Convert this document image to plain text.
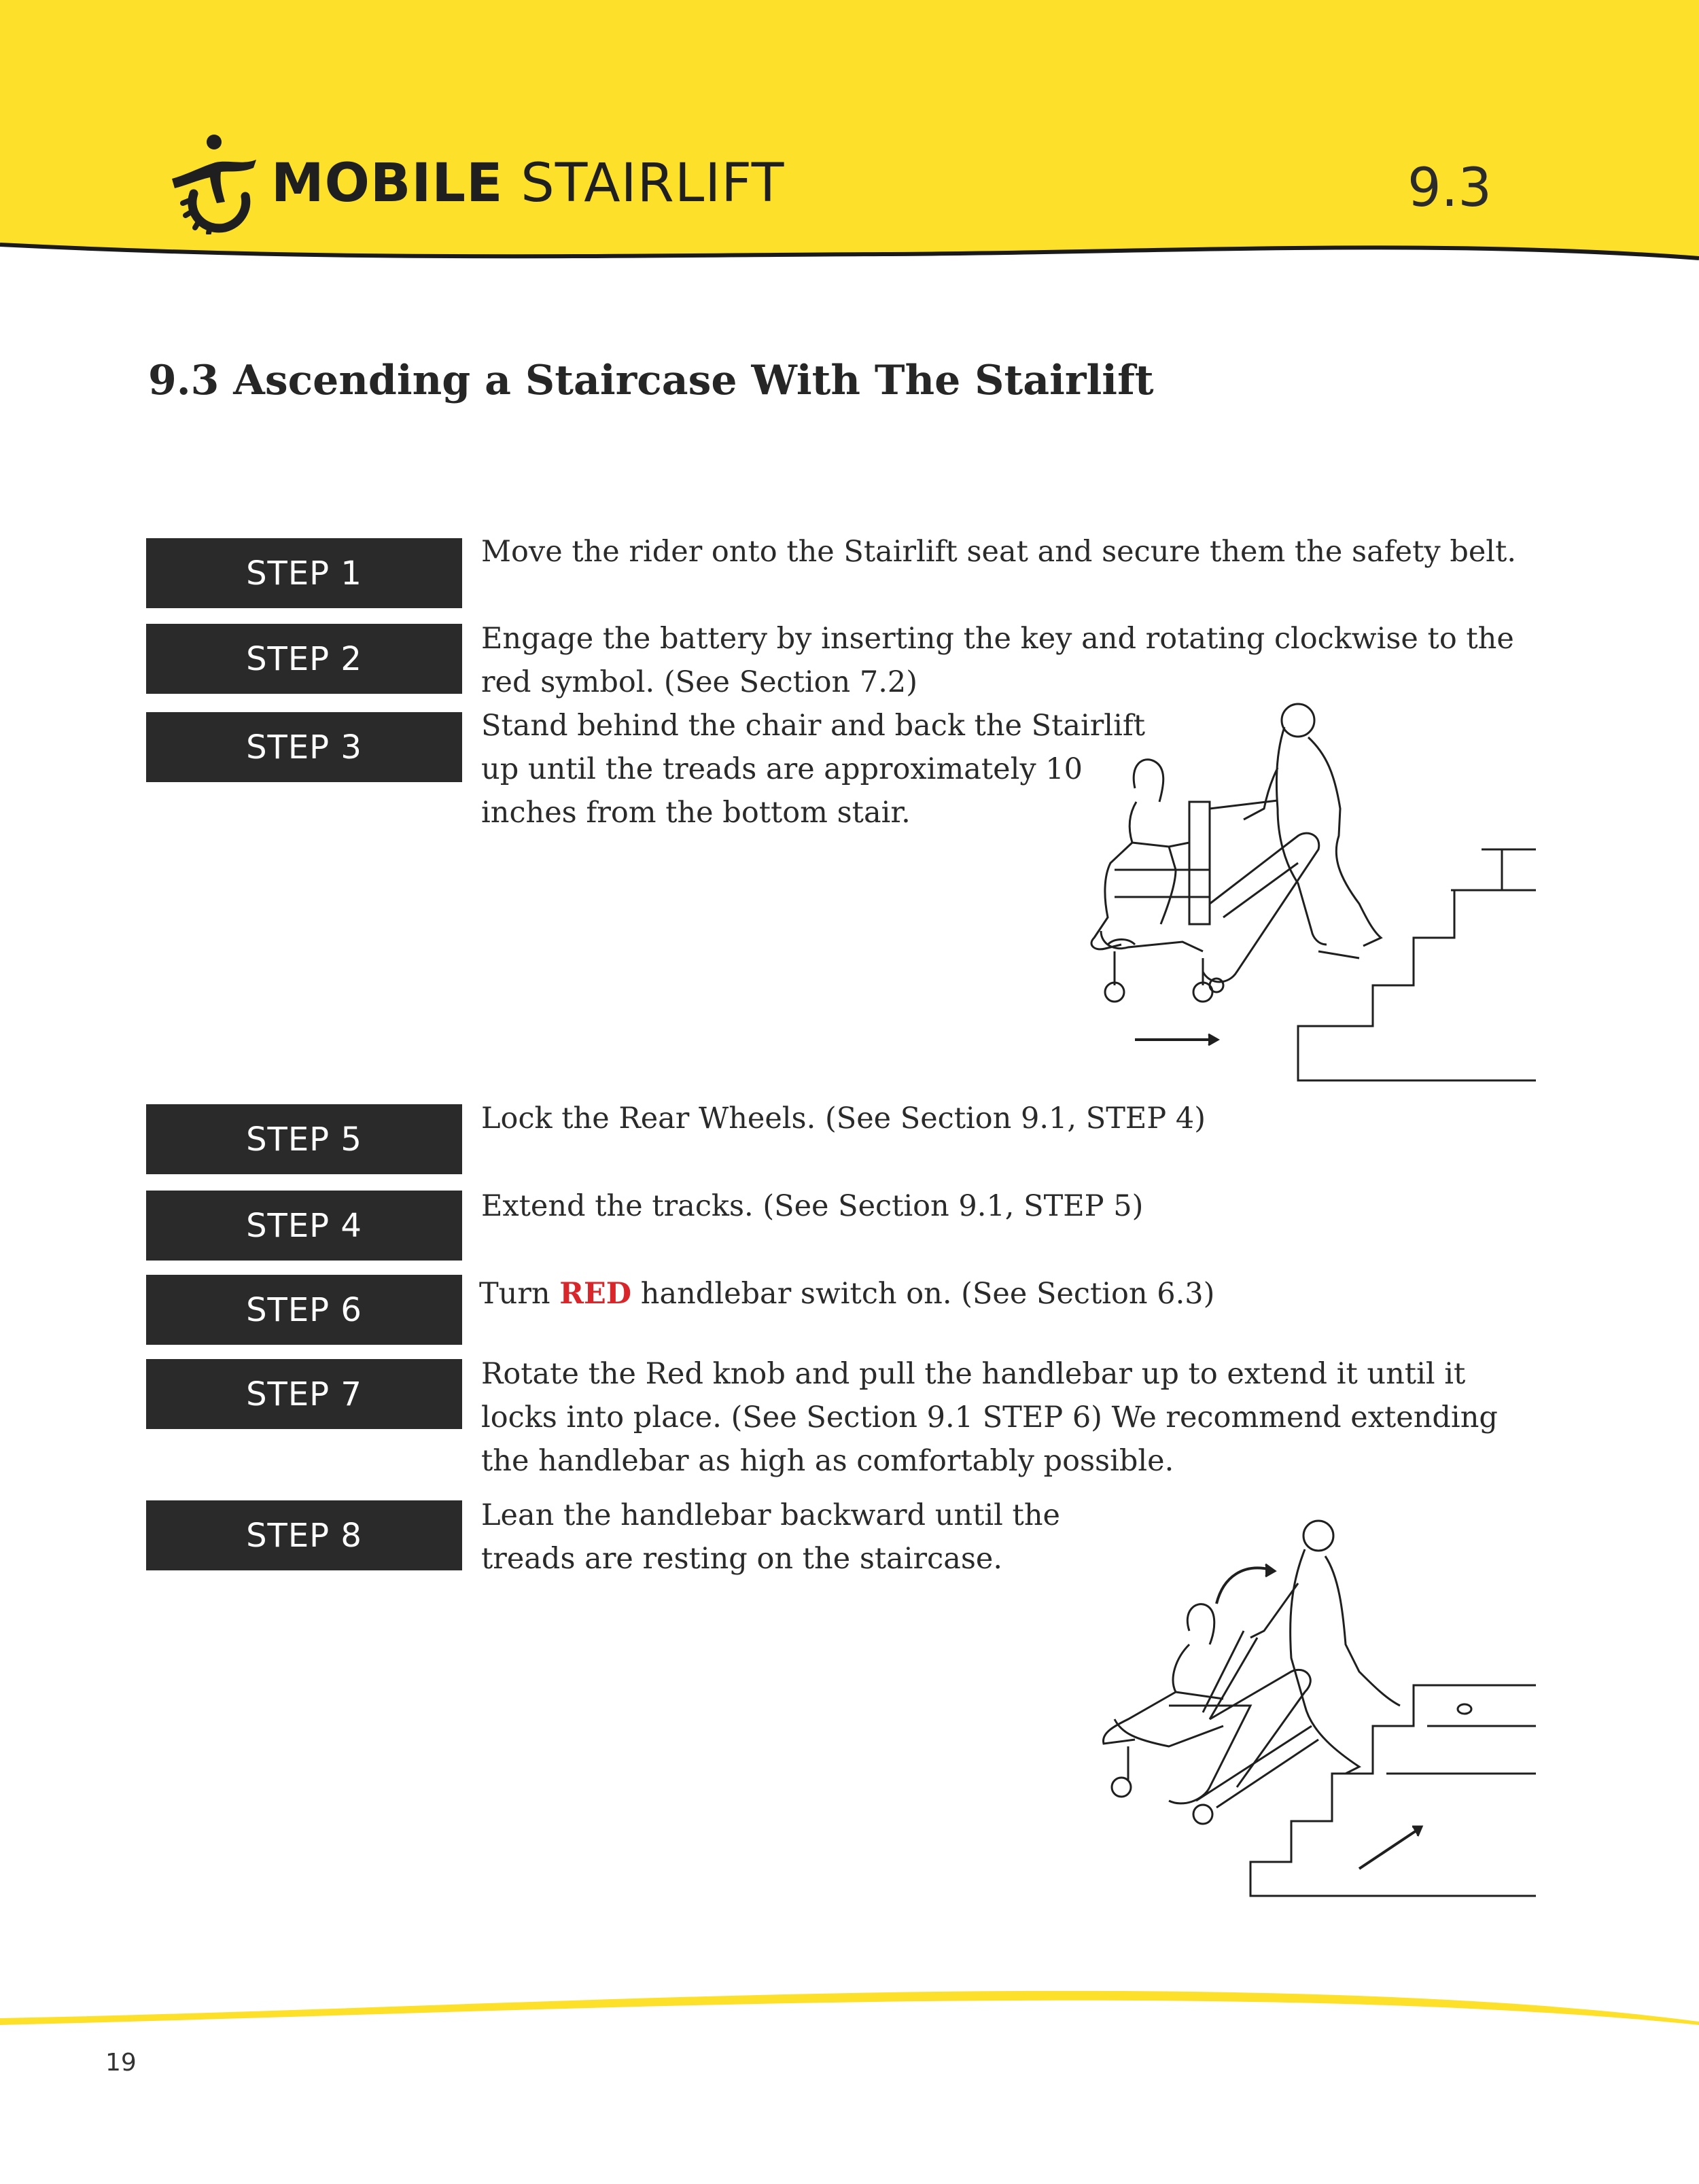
MOBILE STAIRLIFT	9.3
9.3 Ascending a Staircase With The Stairlift
STEP 1

Move the rider onto the Stairlift seat and secure them the safety belt.

STEP 2

Engage the battery by inserting the key and rotating clockwise to the red symbol. (See Section 7.2)

STEP 3

Stand behind the chair and back the Stairlift up until the treads are approximately 10 inches from the bottom stair.

STEP 5

Lock the Rear Wheels. (See Section 9.1, STEP 4)

STEP 4

Extend the tracks. (See Section 9.1, STEP 5)

STEP 6	Turn RED handlebar switch on. (See Section 6.3)

STEP 7

Rotate the Red knob and pull the handlebar up to extend it until it locks into place. (See Section 9.1 STEP 6) We recommend extending the handlebar as high as comfortably possible.

STEP 8

Lean the handlebar backward until the treads are resting on the staircase.

19
